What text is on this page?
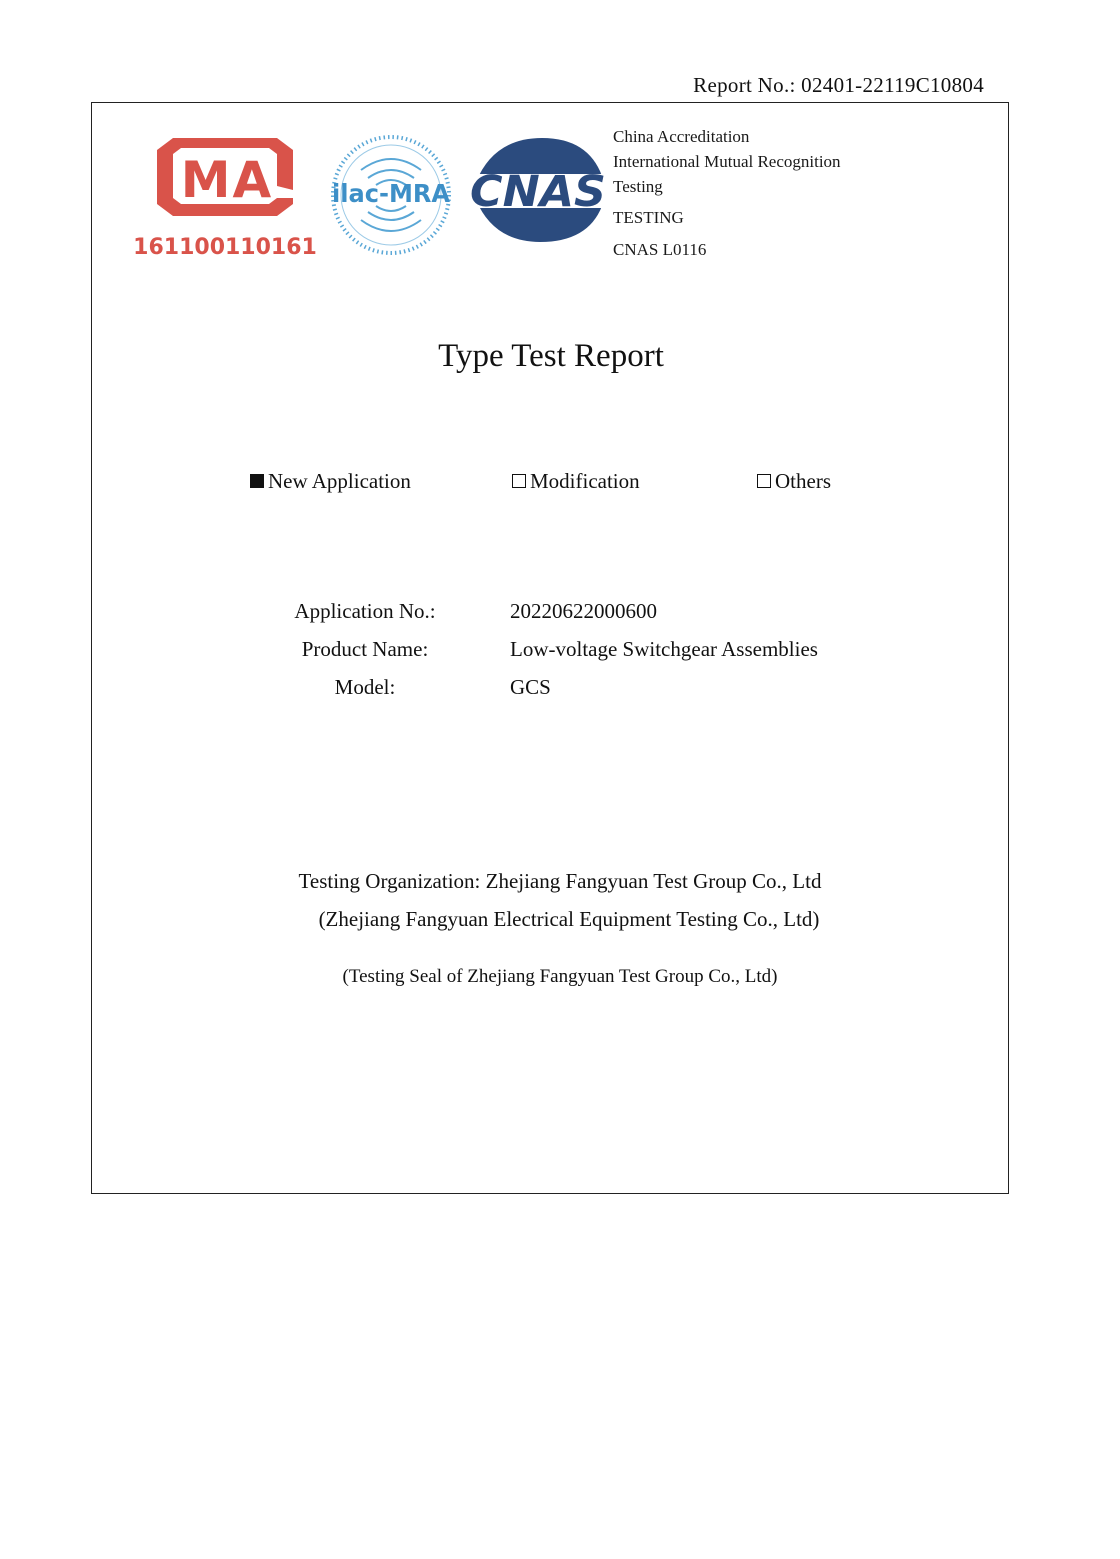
Report No.: 02401-22119C10804
MA
161100110161
ilac-MRA CNAS
China Accreditation
International Mutual Recognition
Testing
TESTING
CNAS L0116
Type Test Report
New Application	Modification	Others
Application No.:	20220622000600
Product Name:	Low-voltage Switchgear Assemblies
Model:	GCS
Testing Organization: Zhejiang Fangyuan Test Group Co., Ltd
(Zhejiang Fangyuan Electrical Equipment Testing Co., Ltd)
(Testing Seal of Zhejiang Fangyuan Test Group Co., Ltd)
